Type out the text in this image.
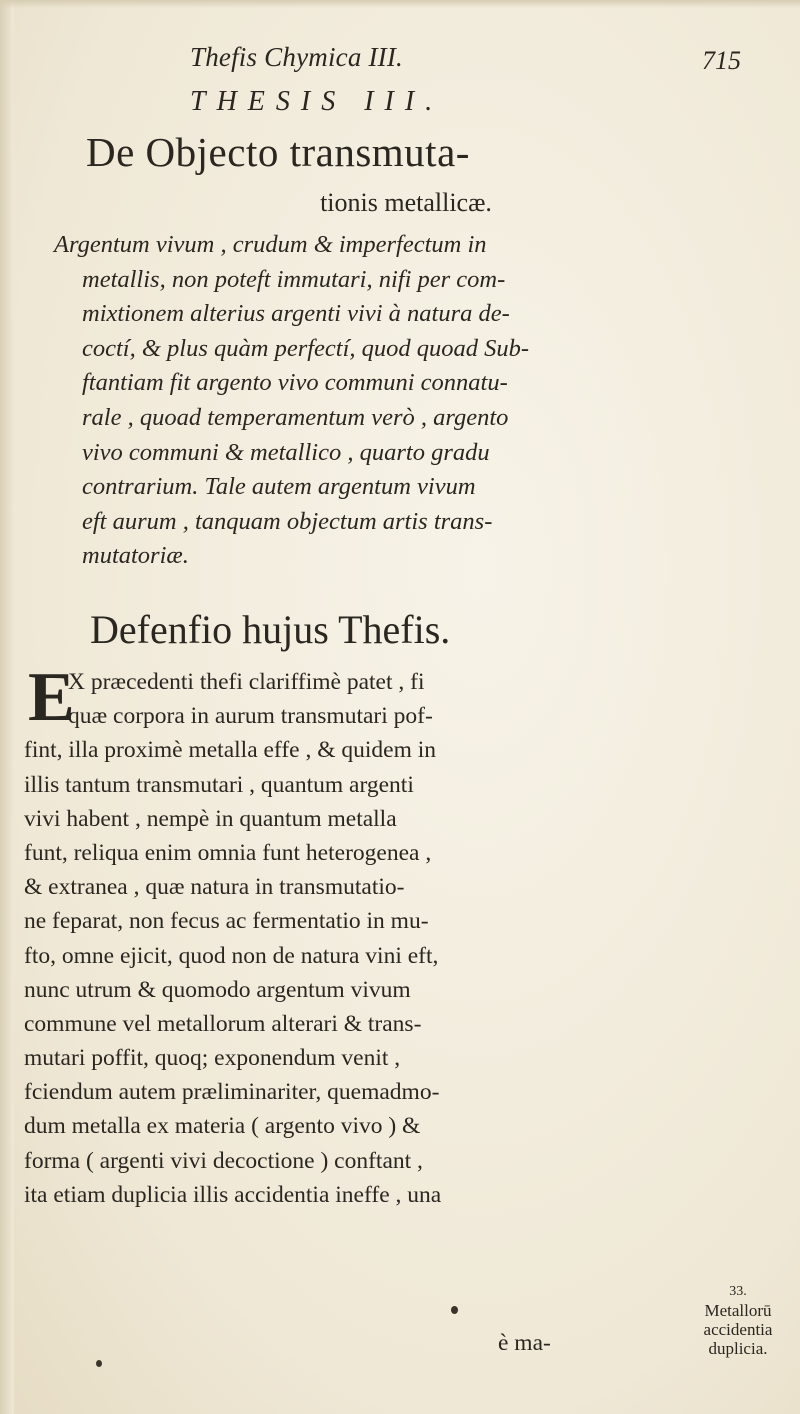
Thefis Chymica III.	715
THESIS III.
De Objecto transmuta-
tionis metallicæ.
Argentum vivum , crudum & imperfectum in
metallis, non poteft immutari, nifi per com-
mixtionem alterius argenti vivi à natura de-
coctí, & plus quàm perfectí, quod quoad Sub-
ftantiam fit argento vivo communi connatu-
rale , quoad temperamentum verò , argento
vivo communi & metallico , quarto gradu
contrarium. Tale autem argentum vivum
eft aurum , tanquam objectum artis trans-
mutatoriæ.
Defenfio hujus Thefis.
E
X præcedenti thefi clariffimè patet , fi
quæ corpora in aurum transmutari pof-
fint, illa proximè metalla effe , & quidem in
illis tantum transmutari , quantum argenti
vivi habent , nempè in quantum metalla
funt, reliqua enim omnia funt heterogenea ,
& extranea , quæ natura in transmutatio-
ne feparat, non fecus ac fermentatio in mu-
fto, omne ejicit, quod non de natura vini eft,
nunc utrum & quomodo argentum vivum
commune vel metallorum alterari & trans-
mutari poffit, quoq; exponendum venit ,
fciendum autem præliminariter, quemadmo-
dum metalla ex materia ( argento vivo ) &
forma ( argenti vivi decoctione ) conftant ,
ita etiam duplicia illis accidentia ineffe , una
è ma-
33.
Metallorū
accidentia
duplicia.
